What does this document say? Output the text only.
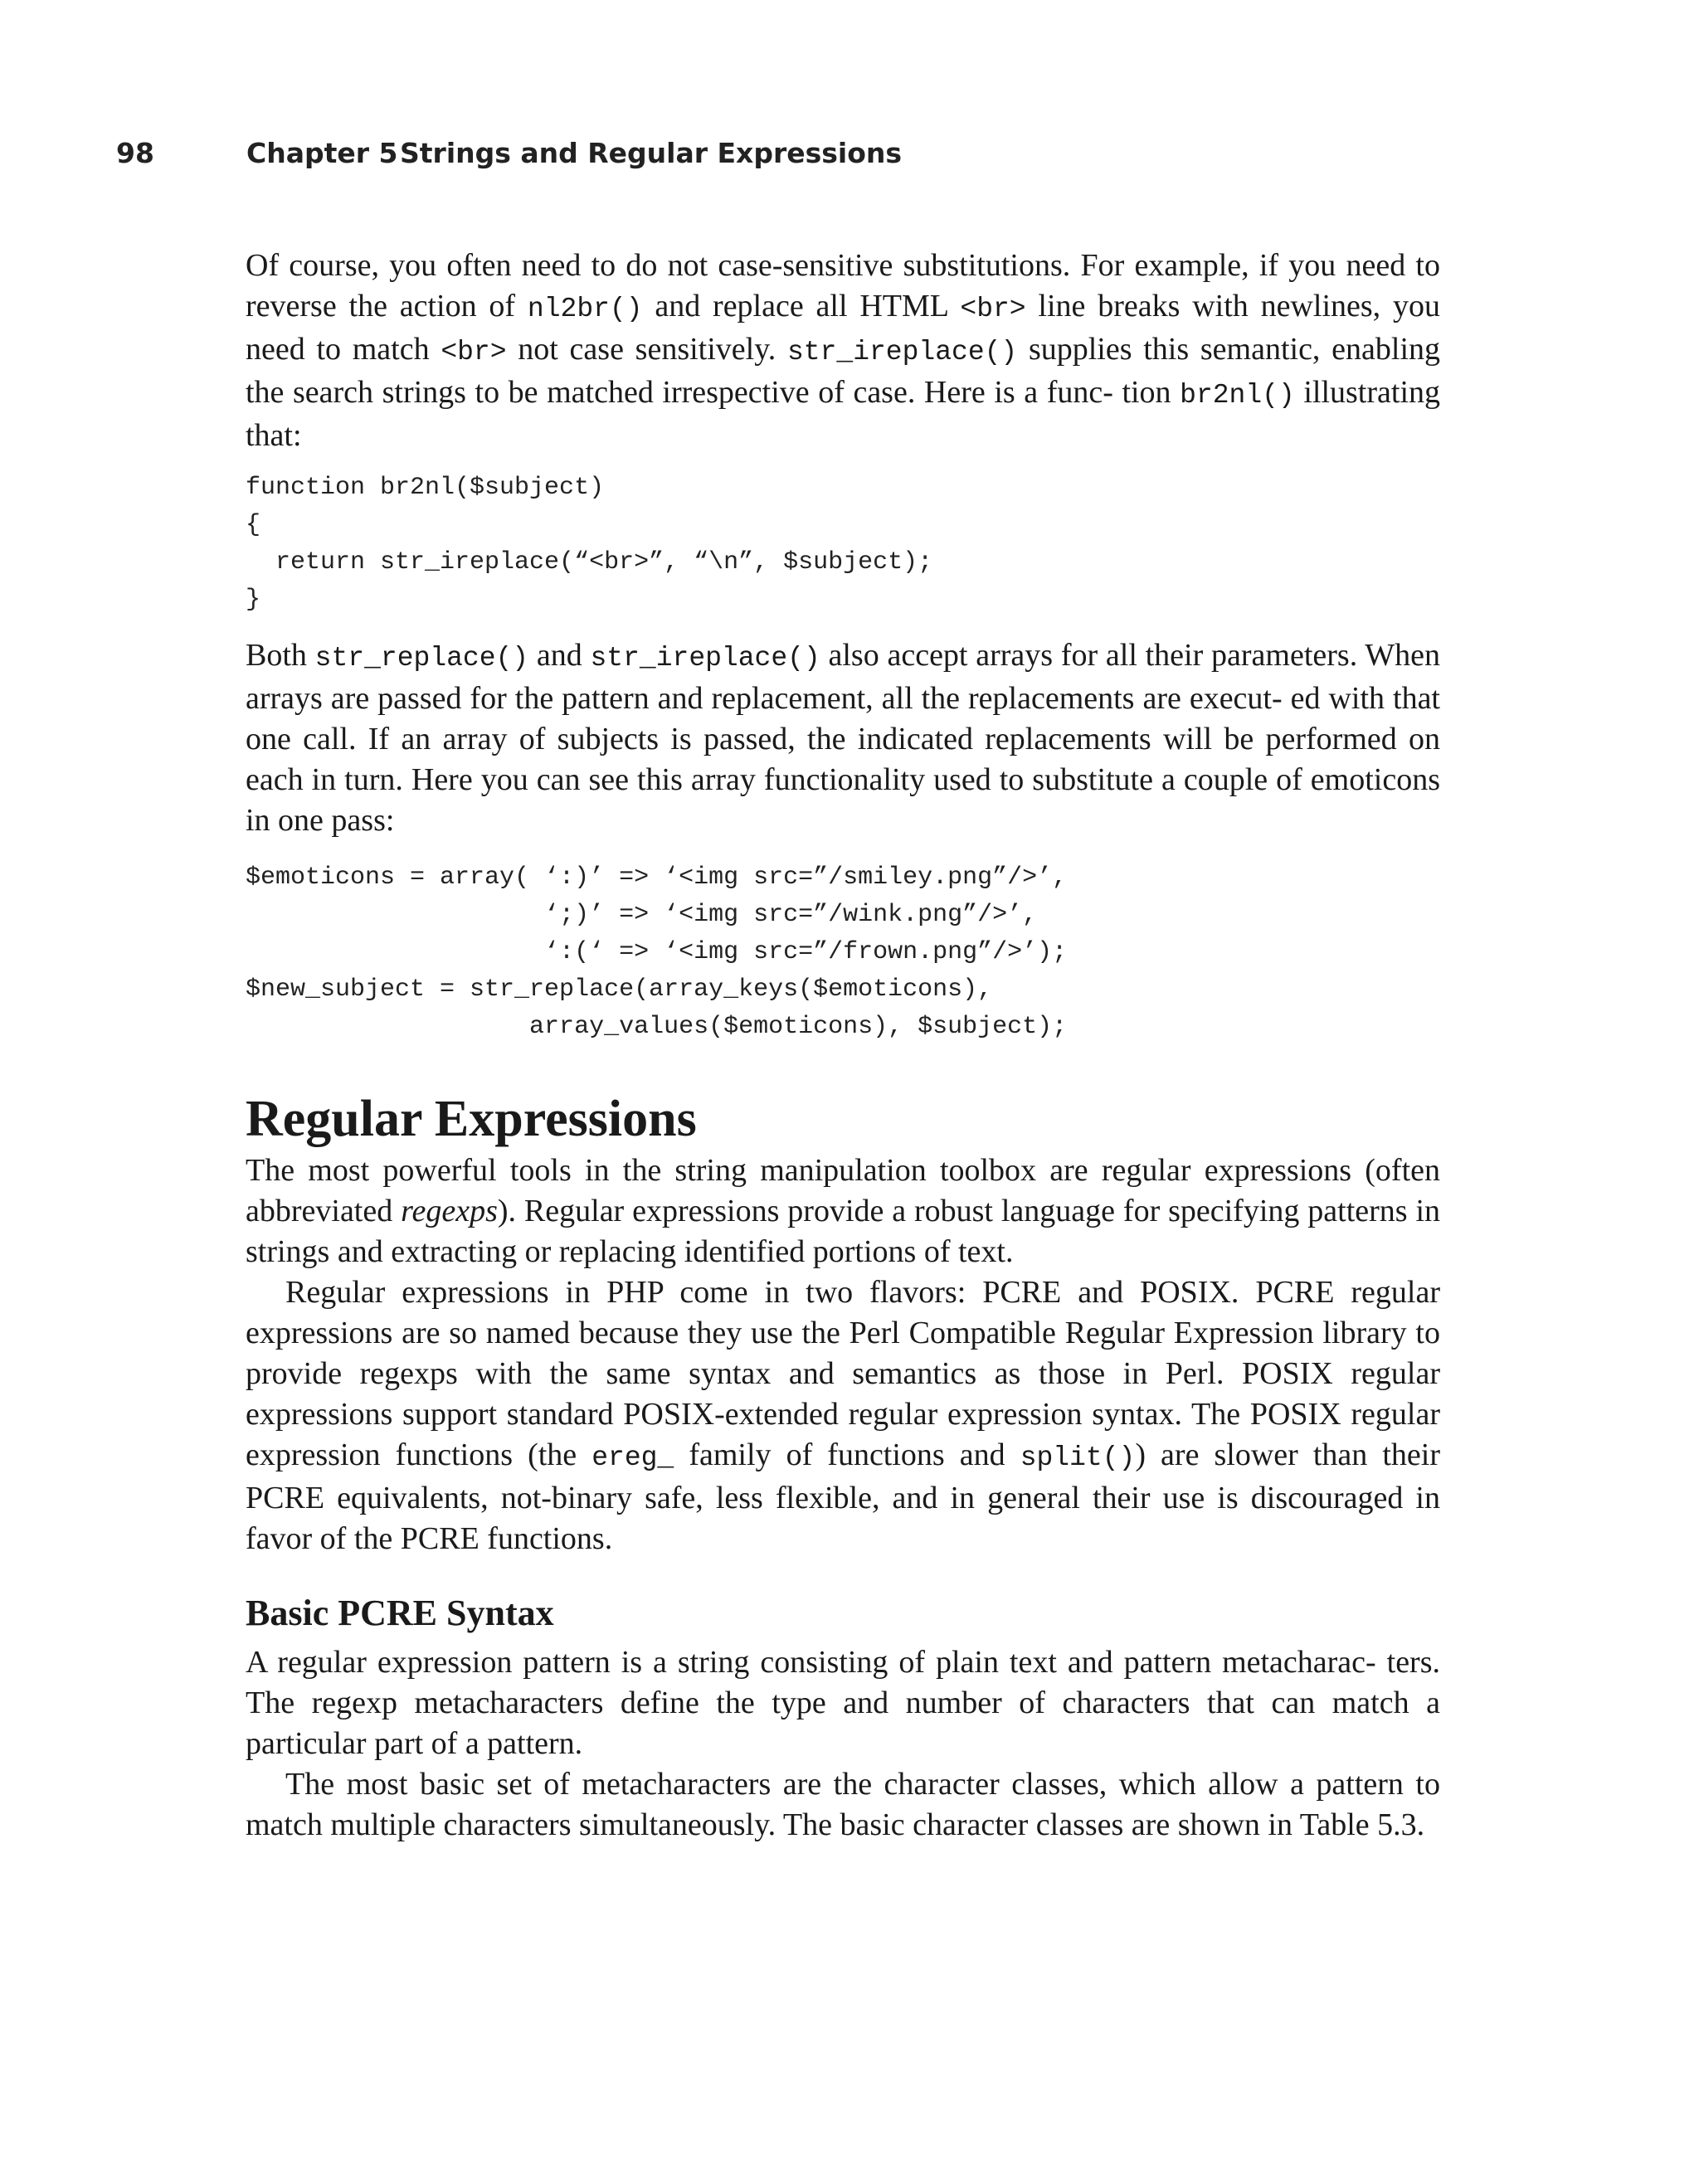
98	Chapter 5 Strings and Regular Expressions

Of course, you often need to do not case-sensitive substitutions. For example, if you need to reverse the action of nl2br() and replace all HTML <br> line breaks with newlines, you need to match <br> not case sensitively. str_ireplace() supplies this semantic, enabling the search strings to be matched irrespective of case. Here is a func- tion br2nl() illustrating that:

function br2nl($subject)
{
return str_ireplace(“<br>”, “\n”, $subject);
}

Both str_replace() and str_ireplace() also accept arrays for all their parameters. When arrays are passed for the pattern and replacement, all the replacements are execut- ed with that one call. If an array of subjects is passed, the indicated replacements will be performed on each in turn. Here you can see this array functionality used to substitute a couple of emoticons in one pass:

$emoticons = array( ‘:)’ => ‘<img src=”/smiley.png”/>’,
‘;)’ => ‘<img src=”/wink.png”/>’,
‘:(‘ => ‘<img src=”/frown.png”/>’);
$new_subject = str_replace(array_keys($emoticons),
array_values($emoticons), $subject);
Regular Expressions

The most powerful tools in the string manipulation toolbox are regular expressions (often abbreviated regexps). Regular expressions provide a robust language for specifying patterns in strings and extracting or replacing identified portions of text.

Regular expressions in PHP come in two flavors: PCRE and POSIX. PCRE regular expressions are so named because they use the Perl Compatible Regular Expression library to provide regexps with the same syntax and semantics as those in Perl. POSIX regular expressions support standard POSIX-extended regular expression syntax. The POSIX regular expression functions (the ereg_ family of functions and split()) are slower than their PCRE equivalents, not-binary safe, less flexible, and in general their use is discouraged in favor of the PCRE functions.

Basic PCRE Syntax

A regular expression pattern is a string consisting of plain text and pattern metacharac- ters. The regexp metacharacters define the type and number of characters that can match a particular part of a pattern.

The most basic set of metacharacters are the character classes, which allow a pattern to match multiple characters simultaneously. The basic character classes are shown in Table 5.3.
